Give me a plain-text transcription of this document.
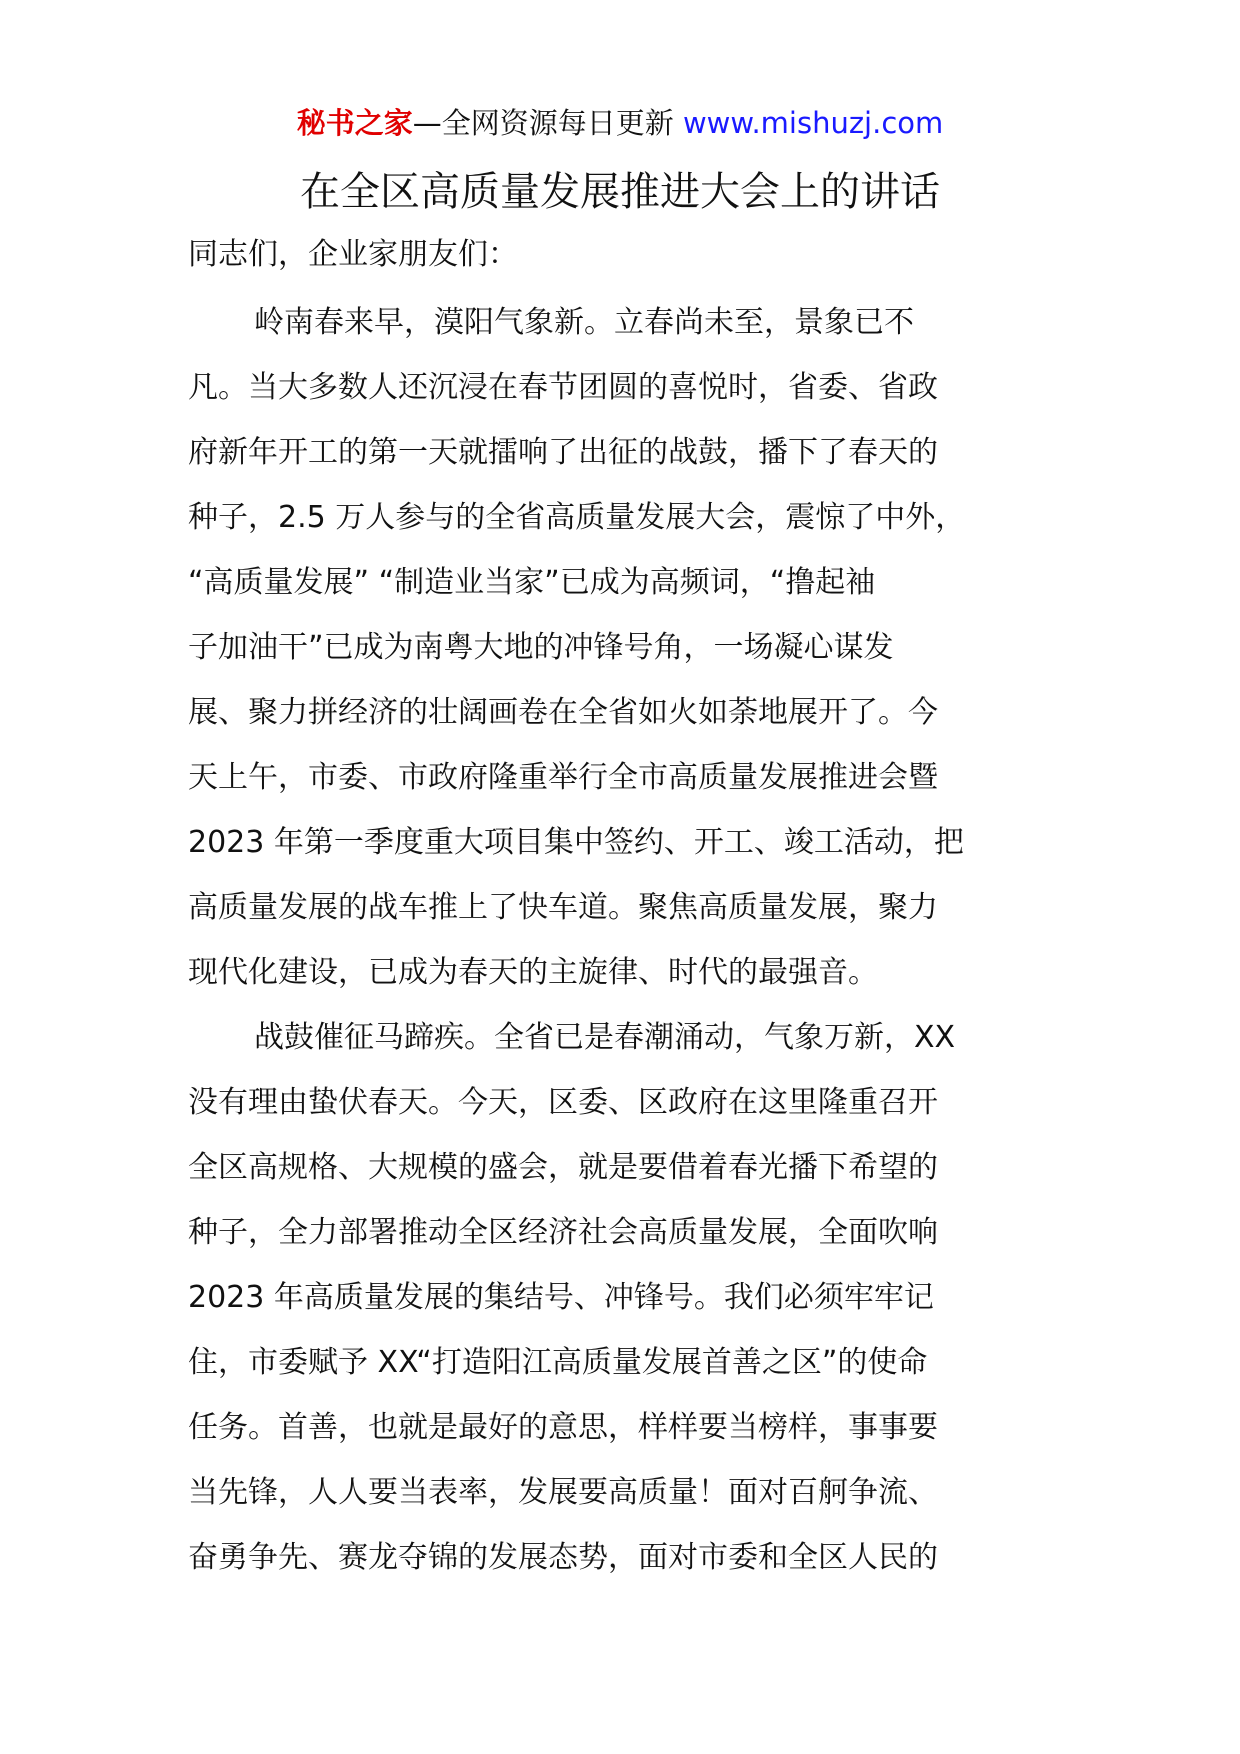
秘书之家—全网资源每日更新 www.mishuzj.com
在全区高质量发展推进大会上的讲话
同志们，企业家朋友们：
岭南春来早，漠阳气象新。立春尚未至，景象已不
凡。当大多数人还沉浸在春节团圆的喜悦时，省委、省政
府新年开工的第一天就擂响了出征的战鼓，播下了春天的
种子，2.5 万人参与的全省高质量发展大会，震惊了中外，
“高质量发展” “制造业当家”已成为高频词，“撸起袖
子加油干”已成为南粤大地的冲锋号角，一场凝心谋发
展、聚力拼经济的壮阔画卷在全省如火如荼地展开了。今
天上午，市委、市政府隆重举行全市高质量发展推进会暨
2023 年第一季度重大项目集中签约、开工、竣工活动，把
高质量发展的战车推上了快车道。聚焦高质量发展，聚力
现代化建设，已成为春天的主旋律、时代的最强音。
战鼓催征马蹄疾。全省已是春潮涌动，气象万新，XX
没有理由蛰伏春天。今天，区委、区政府在这里隆重召开
全区高规格、大规模的盛会，就是要借着春光播下希望的
种子，全力部署推动全区经济社会高质量发展，全面吹响
2023 年高质量发展的集结号、冲锋号。我们必须牢牢记
住，市委赋予 XX“打造阳江高质量发展首善之区”的使命
任务。首善，也就是最好的意思，样样要当榜样，事事要
当先锋，人人要当表率，发展要高质量！面对百舸争流、
奋勇争先、赛龙夺锦的发展态势，面对市委和全区人民的
